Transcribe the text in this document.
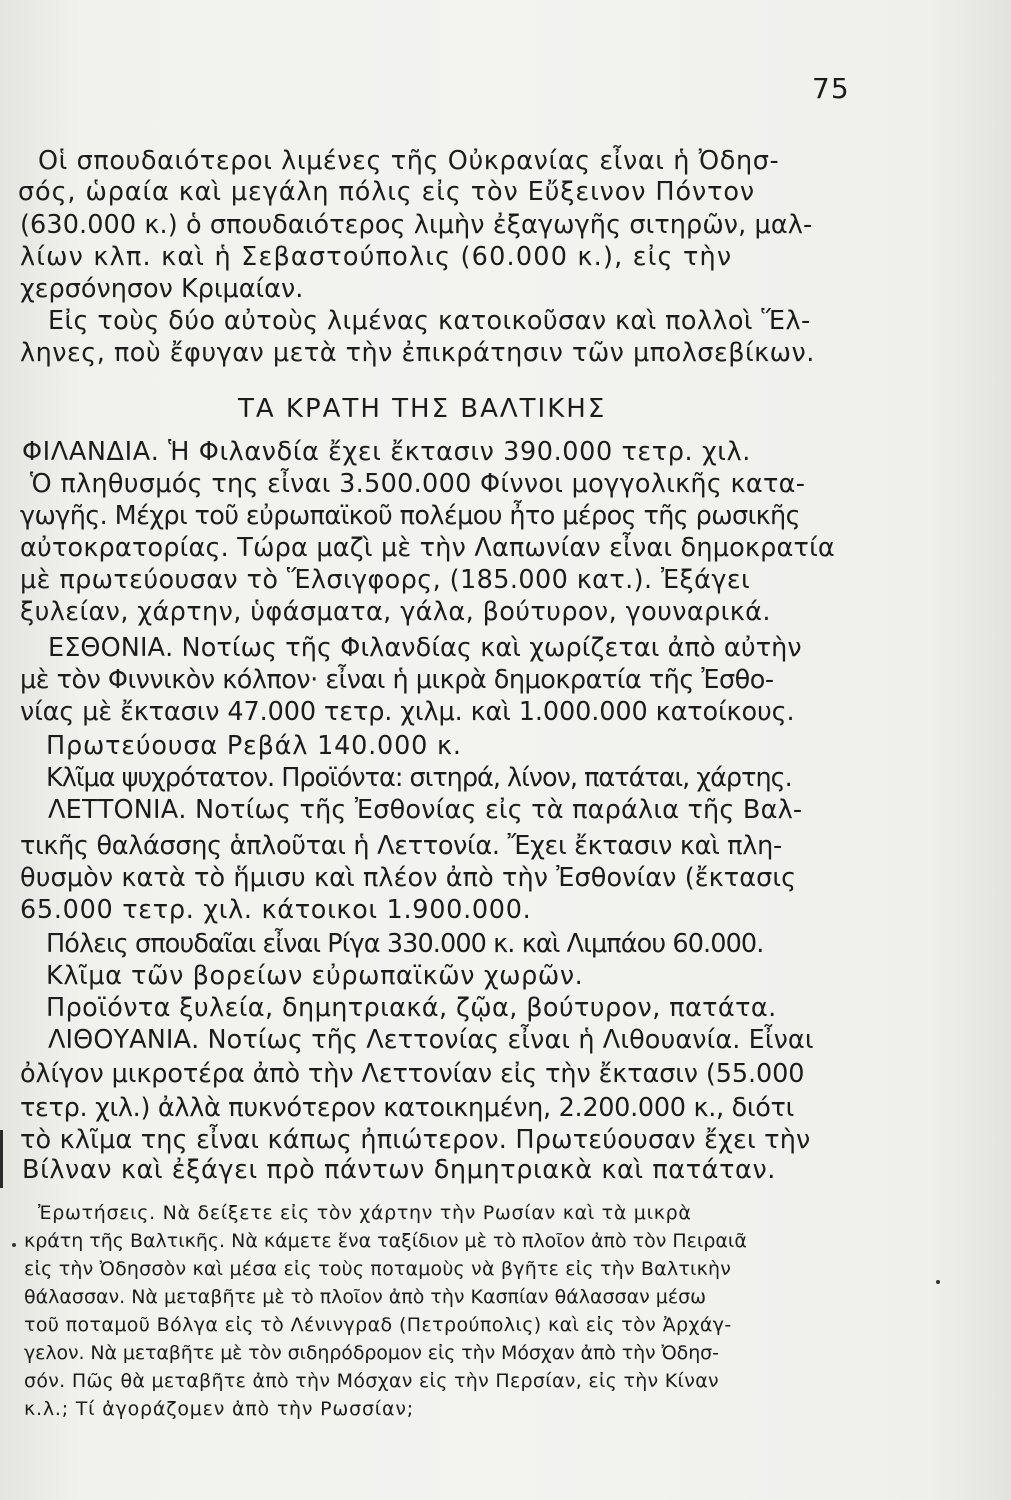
75
Οἱ σπουδαιότεροι λιμένες τῆς Οὐκρανίας εἶναι ἡ Ὀδησ-
σός, ὡραία καὶ μεγάλη πόλις εἰς τὸν Εὔξεινον Πόντον
(630.000 κ.) ὁ σπουδαιότερος λιμὴν ἐξαγωγῆς σιτηρῶν, μαλ-
λίων κλπ. καὶ ἡ Σεβαστούπολις (60.000 κ.), εἰς τὴν
χερσόνησον Κριμαίαν.
Εἰς τοὺς δύο αὐτοὺς λιμένας κατοικοῦσαν καὶ πολλοὶ Ἕλ-
ληνες, ποὺ ἔφυγαν μετὰ τὴν ἐπικράτησιν τῶν μπολσεβίκων.
ΤΑ ΚΡΑΤΗ ΤΗΣ ΒΑΛΤΙΚΗΣ
ΦΙΛΑΝΔΙΑ. Ἡ Φιλανδία ἔχει ἔκτασιν 390.000 τετρ. χιλ.
Ὁ πληθυσμός της εἶναι 3.500.000 Φίννοι μογγολικῆς κατα-
γωγῆς. Μέχρι τοῦ εὐρωπαϊκοῦ πολέμου ἦτο μέρος τῆς ρωσικῆς
αὐτοκρατορίας. Τώρα μαζὶ μὲ τὴν Λαπωνίαν εἶναι δημοκρατία
μὲ πρωτεύουσαν τὸ Ἕλσιγφορς, (185.000 κατ.). Ἐξάγει
ξυλείαν, χάρτην, ὑφάσματα, γάλα, βούτυρον, γουναρικά.
ΕΣΘΟΝΙΑ. Νοτίως τῆς Φιλανδίας καὶ χωρίζεται ἀπὸ αὐτὴν
μὲ τὸν Φιννικὸν κόλπον· εἶναι ἡ μικρὰ δημοκρατία τῆς Ἐσθο-
νίας μὲ ἔκτασιν 47.000 τετρ. χιλμ. καὶ 1.000.000 κατοίκους.
Πρωτεύουσα Ρεβάλ 140.000 κ.
Κλῖμα ψυχρότατον. Προϊόντα: σιτηρά, λίνον, πατάται, χάρτης.
ΛΕΤΤΟΝΙΑ. Νοτίως τῆς Ἐσθονίας εἰς τὰ παράλια τῆς Βαλ-
τικῆς θαλάσσης ἁπλοῦται ἡ Λεττονία. Ἔχει ἔκτασιν καὶ πλη-
θυσμὸν κατὰ τὸ ἥμισυ καὶ πλέον ἀπὸ τὴν Ἐσθονίαν (ἔκτασις
65.000 τετρ. χιλ. κάτοικοι 1.900.000.
Πόλεις σπουδαῖαι εἶναι Ρίγα 330.000 κ. καὶ Λιμπάου 60.000.
Κλῖμα τῶν βορείων εὐρωπαϊκῶν χωρῶν.
Προϊόντα ξυλεία, δημητριακά, ζῷα, βούτυρον, πατάτα.
ΛΙΘΟΥΑΝΙΑ. Νοτίως τῆς Λεττονίας εἶναι ἡ Λιθουανία. Εἶναι
ὀλίγον μικροτέρα ἀπὸ τὴν Λεττονίαν εἰς τὴν ἔκτασιν (55.000
τετρ. χιλ.) ἀλλὰ πυκνότερον κατοικημένη, 2.200.000 κ., διότι
τὸ κλῖμα της εἶναι κάπως ἠπιώτερον. Πρωτεύουσαν ἔχει τὴν
Βίλναν καὶ ἐξάγει πρὸ πάντων δημητριακὰ καὶ πατάταν.
Ἐρωτήσεις. Νὰ δείξετε εἰς τὸν χάρτην τὴν Ρωσίαν καὶ τὰ μικρὰ
κράτη τῆς Βαλτικῆς. Νὰ κάμετε ἕνα ταξίδιον μὲ τὸ πλοῖον ἀπὸ τὸν Πειραιᾶ
εἰς τὴν Ὀδησσὸν καὶ μέσα εἰς τοὺς ποταμοὺς νὰ βγῆτε εἰς τὴν Βαλτικὴν
θάλασσαν. Νὰ μεταβῆτε μὲ τὸ πλοῖον ἀπὸ τὴν Κασπίαν θάλασσαν μέσω
τοῦ ποταμοῦ Βόλγα εἰς τὸ Λένινγραδ (Πετρούπολις) καὶ εἰς τὸν Ἀρχάγ-
γελον. Νὰ μεταβῆτε μὲ τὸν σιδηρόδρομον εἰς τὴν Μόσχαν ἀπὸ τὴν Ὀδησ-
σόν. Πῶς θὰ μεταβῆτε ἀπὸ τὴν Μόσχαν εἰς τὴν Περσίαν, εἰς τὴν Κίναν
κ.λ.; Τί ἀγοράζομεν ἀπὸ τὴν Ρωσσίαν;
